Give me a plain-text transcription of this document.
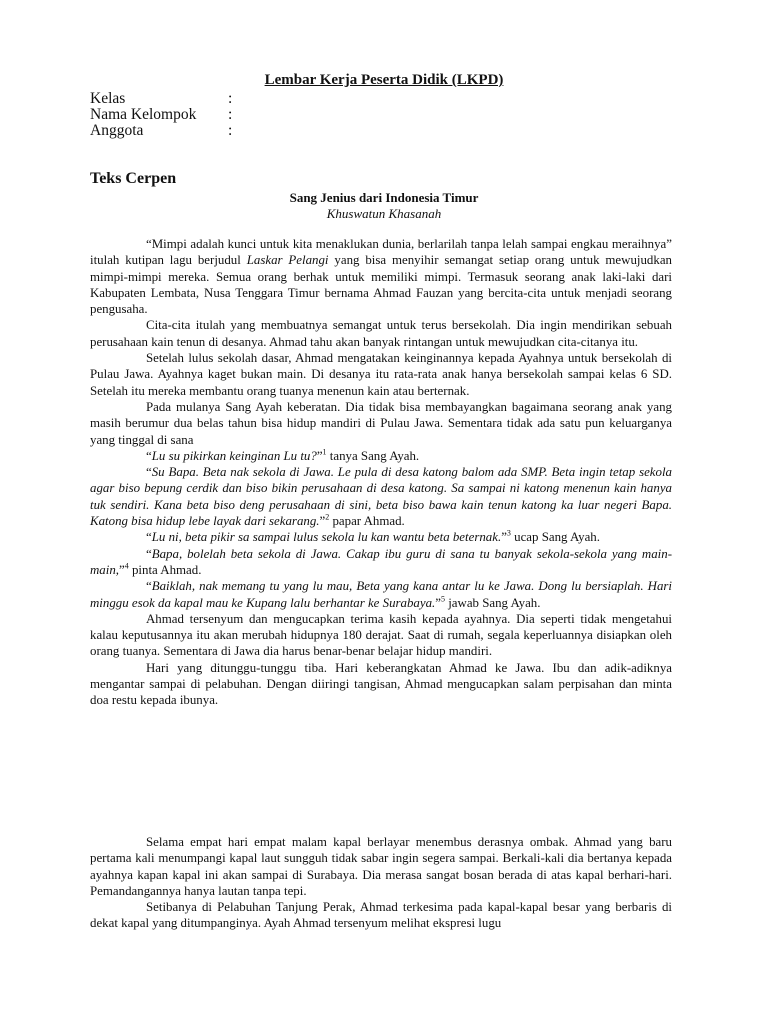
Lembar Kerja Peserta Didik (LKPD)
Kelas	:
Nama Kelompok :
Anggota	:
Teks Cerpen
Sang Jenius dari Indonesia Timur
Khuswatun Khasanah

“Mimpi adalah kunci untuk kita menaklukan dunia, berlarilah tanpa lelah sampai engkau meraihnya” itulah kutipan lagu berjudul Laskar Pelangi yang bisa menyihir semangat setiap orang untuk mewujudkan mimpi-mimpi mereka. Semua orang berhak untuk memiliki mimpi. Termasuk seorang anak laki-laki dari Kabupaten Lembata, Nusa Tenggara Timur bernama Ahmad Fauzan yang bercita-cita untuk menjadi seorang pengusaha.

Cita-cita itulah yang membuatnya semangat untuk terus bersekolah. Dia ingin mendirikan sebuah perusahaan kain tenun di desanya. Ahmad tahu akan banyak rintangan untuk mewujudkan cita-citanya itu.

Setelah lulus sekolah dasar, Ahmad mengatakan keinginannya kepada Ayahnya untuk bersekolah di Pulau Jawa. Ayahnya kaget bukan main. Di desanya itu rata-rata anak hanya bersekolah sampai kelas 6 SD. Setelah itu mereka membantu orang tuanya menenun kain atau berternak.

Pada mulanya Sang Ayah keberatan. Dia tidak bisa membayangkan bagaimana seorang anak yang masih berumur dua belas tahun bisa hidup mandiri di Pulau Jawa. Sementara tidak ada satu pun keluarganya yang tinggal di sana

“Lu su pikirkan keinginan Lu tu?”$^1$ tanya Sang Ayah.

“Su Bapa. Beta nak sekola di Jawa. Le pula di desa katong balom ada SMP. Beta ingin tetap sekola agar biso bepung cerdik dan biso bikin perusahaan di desa katong. Sa sampai ni katong menenun kain hanya tuk sendiri. Kana beta biso deng perusahaan di sini, beta biso bawa kain tenun katong ka luar negeri Bapa. Katong bisa hidup lebe layak dari sekarang.”$^2$ papar Ahmad.

“Lu ni, beta pikir sa sampai lulus sekola lu kan wantu beta beternak.”$^3$ ucap Sang Ayah.

“Bapa, bolelah beta sekola di Jawa. Cakap ibu guru di sana tu banyak sekola-sekola yang main-main,”$^4$ pinta Ahmad.

“Baiklah, nak memang tu yang lu mau, Beta yang kana antar lu ke Jawa. Dong lu bersiaplah. Hari minggu esok da kapal mau ke Kupang lalu berhantar ke Surabaya.”$^5$ jawab Sang Ayah.

Ahmad tersenyum dan mengucapkan terima kasih kepada ayahnya. Dia seperti tidak mengetahui kalau keputusannya itu akan merubah hidupnya 180 derajat. Saat di rumah, segala keperluannya disiapkan oleh orang tuanya. Sementara di Jawa dia harus benar-benar belajar hidup mandiri.

Hari yang ditunggu-tunggu tiba. Hari keberangkatan Ahmad ke Jawa. Ibu dan adik-adiknya mengantar sampai di pelabuhan. Dengan diiringi tangisan, Ahmad mengucapkan salam perpisahan dan minta doa restu kepada ibunya.

Selama empat hari empat malam kapal berlayar menembus derasnya ombak. Ahmad yang baru pertama kali menumpangi kapal laut sungguh tidak sabar ingin segera sampai. Berkali-kali dia bertanya kepada ayahnya kapan kapal ini akan sampai di Surabaya. Dia merasa sangat bosan berada di atas kapal berhari-hari. Pemandangannya hanya lautan tanpa tepi.

Setibanya di Pelabuhan Tanjung Perak, Ahmad terkesima pada kapal-kapal besar yang berbaris di dekat kapal yang ditumpanginya. Ayah Ahmad tersenyum melihat ekspresi lugu
